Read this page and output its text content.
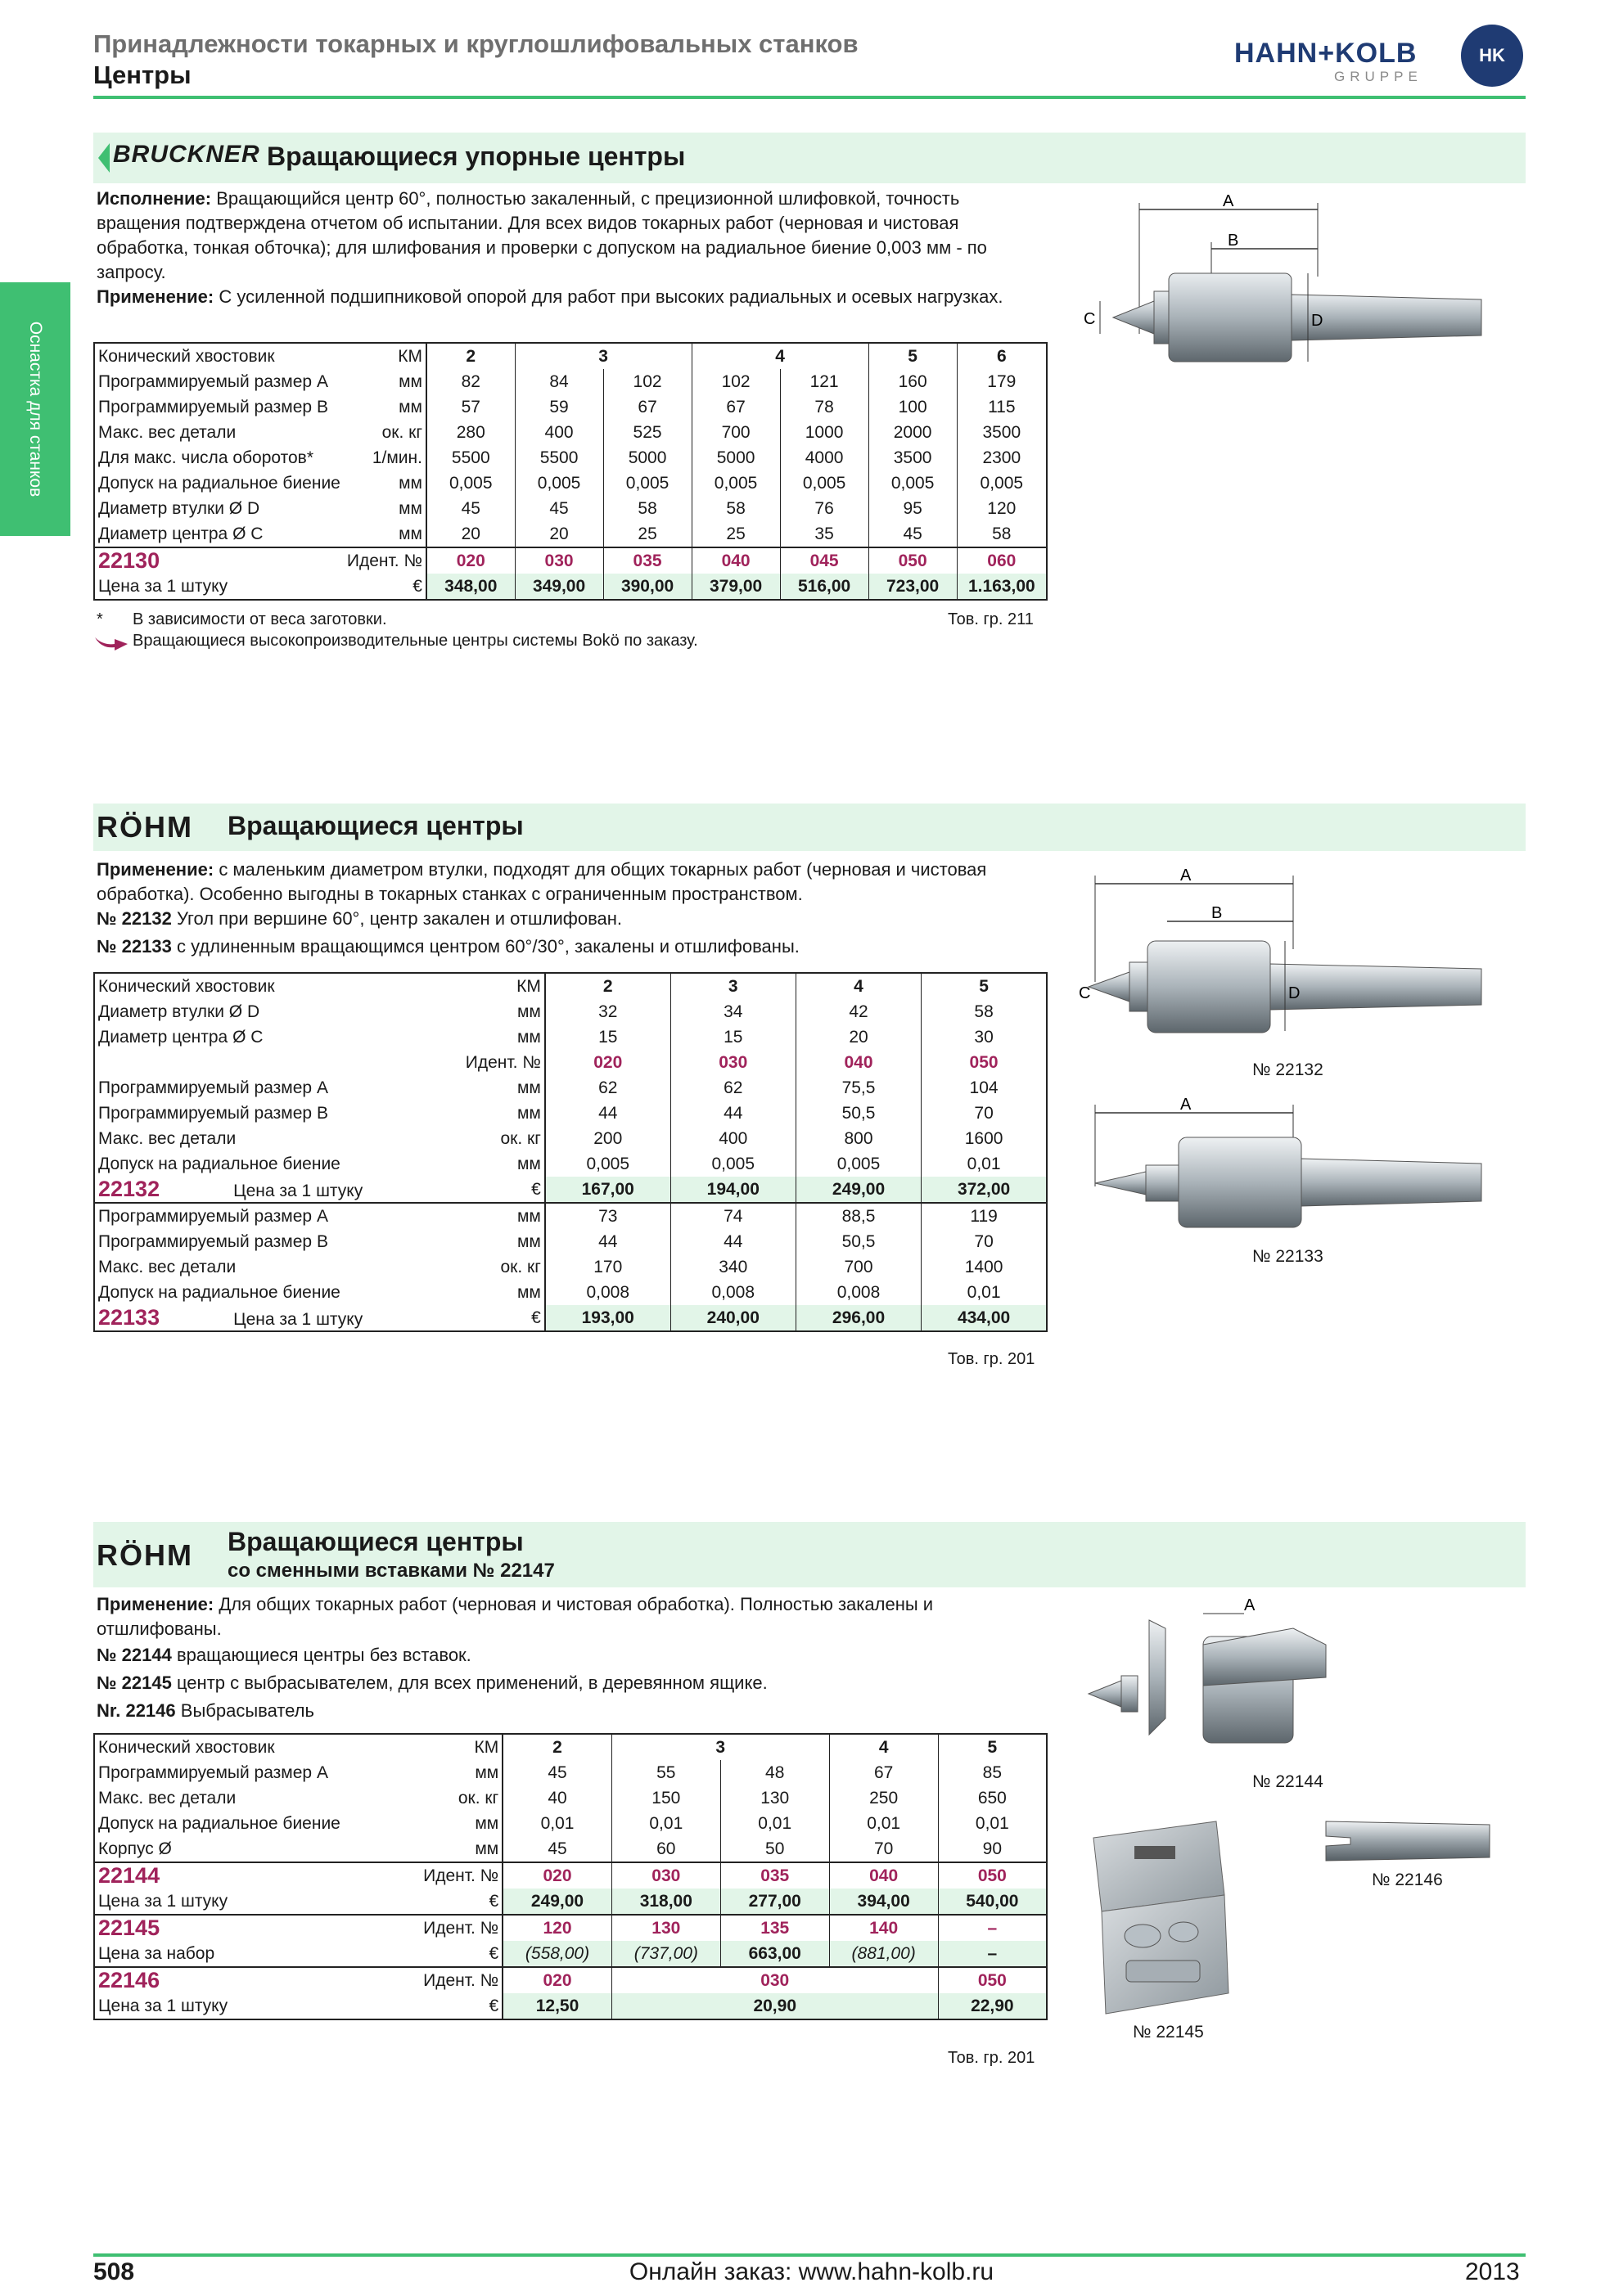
Принадлежности токарных и круглошлифовальных станков
Центры
HAHN+KOLB
GRUPPE
HK
Оснастка для станков
BRUCKNER Вращающиеся упорные центры
Исполнение: Вращающийся центр 60°, полностью закаленный, с прецизионной шлифовкой, точность вращения подтверждена отчетом об испытании. Для всех видов токарных работ (черновая и чистовая обработка, тонкая обточка); для шлифования и проверки с допуском на радиальное биение 0,003 мм - по запросу.
Применение: С усиленной подшипниковой опорой для работ при высоких радиальных и осевых нагрузках.
Конический хвостовик	КМ	2	3		4		5	6
Программируемый размер A	мм	82	84	102	102	121	160	179
Программируемый размер B	мм	57	59	67	67	78	100	115
Макс. вес детали	ок. кг	280	400	525	700	1000	2000	3500
Для макс. числа оборотов*	1/мин.	5500	5500	5000	5000	4000	3500	2300
Допуск на радиальное биение	мм	0,005	0,005	0,005	0,005	0,005	0,005	0,005
Диаметр втулки Ø D	мм	45	45	58	58	76	95	120
Диаметр центра Ø C	мм	20	20	25	25	35	45	58
22130	Идент. №	020	030	035	040	045	050	060
Цена за 1 штуку	€	348,00	349,00	390,00	379,00	516,00	723,00	1.163,00
* В зависимости от веса заготовки.
Вращающиеся высокопроизводительные центры системы Bokö по заказу.
Тов. гр. 211
A
B
C	D
RÖHM Вращающиеся центры
Применение: с маленьким диаметром втулки, подходят для общих токарных работ (черновая и чистовая обработка). Особенно выгодны в токарных станках с ограниченным пространством.
№ 22132 Угол при вершине 60°, центр закален и отшлифован.
№ 22133 с удлиненным вращающимся центром 60°/30°, закалены и отшлифованы.
Конический хвостовик	КМ	2	3	4	5
Диаметр втулки Ø D	мм	32	34	42	58
Диаметр центра Ø C	мм	15	15	20	30
	Идент. №	020	030	040	050
Программируемый размер A	мм	62	62	75,5	104
Программируемый размер B	мм	44	44	50,5	70
Макс. вес детали	ок. кг	200	400	800	1600
Допуск на радиальное биение	мм	0,005	0,005	0,005	0,01
22132 Цена за 1 штуку	€	167,00	194,00	249,00	372,00
Программируемый размер A	мм	73	74	88,5	119
Программируемый размер B	мм	44	44	50,5	70
Макс. вес детали	ок. кг	170	340	700	1400
Допуск на радиальное биение	мм	0,008	0,008	0,008	0,01
22133 Цена за 1 штуку	€	193,00	240,00	296,00	434,00
Тов. гр. 201
A
B
C	D
№ 22132
A
№ 22133
RÖHM Вращающиеся центры
со сменными вставками № 22147
Применение: Для общих токарных работ (черновая и чистовая обработка). Полностью закалены и отшлифованы.
№ 22144 вращающиеся центры без вставок.
№ 22145 центр с выбрасывателем, для всех применений, в деревянном ящике.
Nr. 22146 Выбрасыватель
Конический хвостовик	КМ	2	3		4	5
Программируемый размер A	мм	45	55	48	67	85
Макс. вес детали	ок. кг	40	150	130	250	650
Допуск на радиальное биение	мм	0,01	0,01	0,01	0,01	0,01
Корпус Ø	мм	45	60	50	70	90
22144	Идент. №	020	030	035	040	050
Цена за 1 штуку	€	249,00	318,00	277,00	394,00	540,00
22145	Идент. №	120	130	135	140	–
Цена за набор	€	(558,00)	(737,00)	663,00	(881,00)	–
22146	Идент. №	020	030			050
Цена за 1 штуку	€	12,50	20,90			22,90
Тов. гр. 201
A
№ 22144
№ 22146
№ 22145
508	Онлайн заказ: www.hahn-kolb.ru	2013
